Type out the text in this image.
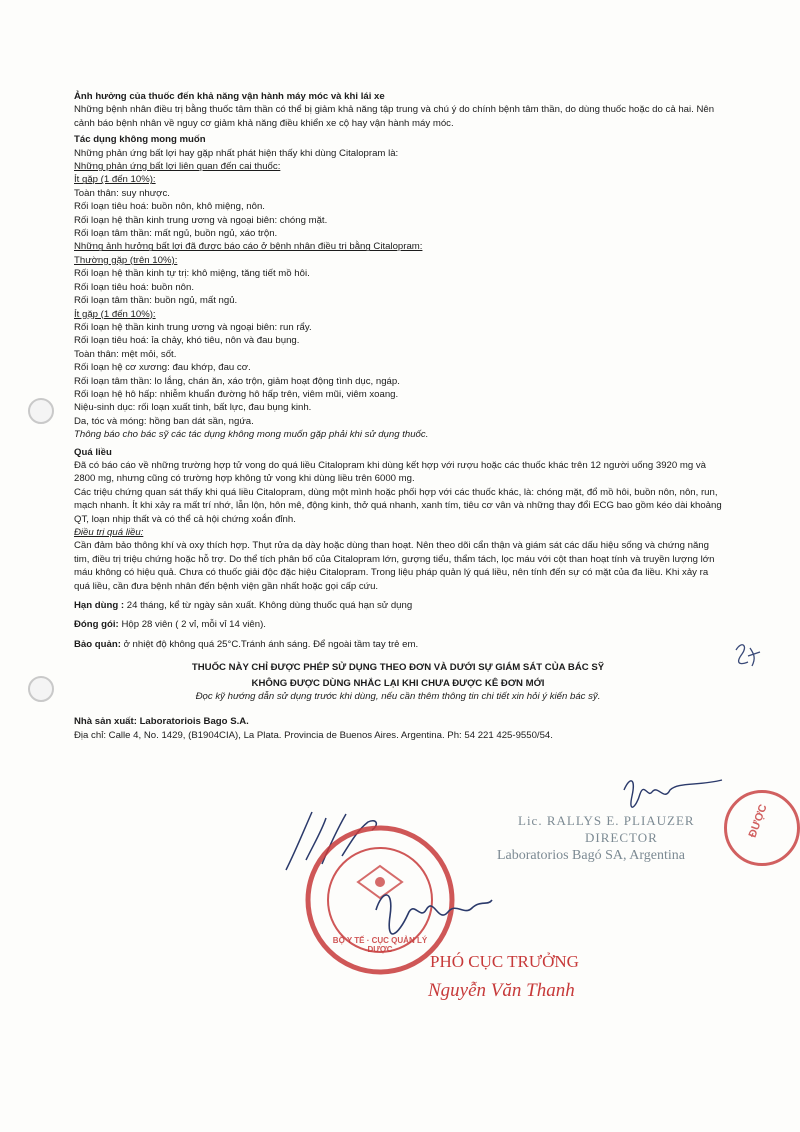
Ảnh hưởng của thuốc đến khả năng vận hành máy móc và khi lái xe

Những bệnh nhân điều trị bằng thuốc tâm thần có thể bị giảm khả năng tập trung và chú ý do chính bệnh tâm thần, do dùng thuốc hoặc do cả hai. Nên cảnh báo bệnh nhân về nguy cơ giảm khả năng điều khiển xe cộ hay vận hành máy móc.

Tác dụng không mong muốn

Những phản ứng bất lợi hay gặp nhất phát hiện thấy khi dùng Citalopram là:

Những phản ứng bất lợi liên quan đến cai thuốc:

Ít gặp (1 đến 10%):

Toàn thân: suy nhược.

Rối loạn tiêu hoá: buồn nôn, khô miệng, nôn.

Rối loạn hệ thần kinh trung ương và ngoại biên: chóng mặt.

Rối loạn tâm thần: mất ngủ, buồn ngủ, xáo trộn.

Những ảnh hưởng bất lợi đã được báo cáo ở bệnh nhân điều trị bằng Citalopram:

Thường gặp (trên 10%):

Rối loạn hệ thần kinh tự trị: khô miệng, tăng tiết mồ hôi.

Rối loạn tiêu hoá: buồn nôn.

Rối loạn tâm thần: buồn ngủ, mất ngủ.

Ít gặp (1 đến 10%):

Rối loạn hệ thần kinh trung ương và ngoại biên: run rẩy.

Rối loạn tiêu hoá: ỉa chảy, khó tiêu, nôn và đau bụng.

Toàn thân: mệt mỏi, sốt.

Rối loạn hệ cơ xương: đau khớp, đau cơ.

Rối loạn tâm thần: lo lắng, chán ăn, xáo trộn, giảm hoạt động tình dục, ngáp.

Rối loạn hệ hô hấp: nhiễm khuẩn đường hô hấp trên, viêm mũi, viêm xoang.

Niệu-sinh dục: rối loạn xuất tinh, bất lực, đau bụng kinh.

Da, tóc và móng: hồng ban dát sần, ngứa.

Thông báo cho bác sỹ các tác dụng không mong muốn gặp phải khi sử dụng thuốc.

Quá liều

Đã có báo cáo về những trường hợp tử vong do quá liều Citalopram khi dùng kết hợp với rượu hoặc các thuốc khác trên 12 người uống 3920 mg và 2800 mg, nhưng cũng có trường hợp không tử vong khi dùng liều trên 6000 mg.

Các triệu chứng quan sát thấy khi quá liều Citalopram, dùng một mình hoặc phối hợp với các thuốc khác, là: chóng mặt, đổ mồ hôi, buồn nôn, nôn, run, mạch nhanh. Ít khi xảy ra mất trí nhớ, lẫn lộn, hôn mê, động kinh, thở quá nhanh, xanh tím, tiêu cơ vân và những thay đổi ECG bao gồm kéo dài khoảng QT, loạn nhịp thất và có thể cả hội chứng xoắn đỉnh.

Điều trị quá liều:

Cần đảm bảo thông khí và oxy thích hợp. Thụt rửa dạ dày hoặc dùng than hoạt. Nên theo dõi cẩn thận và giám sát các dấu hiệu sống và chứng năng tim, điều trị triệu chứng hoặc hỗ trợ. Do thể tích phân bố của Citalopram lớn, gượng tiểu, thẩm tách, lọc máu với cột than hoạt tính và truyền lượng lớn máu không có hiệu quả. Chưa có thuốc giải độc đặc hiệu Citalopram. Trong liệu pháp quản lý quá liều, nên tính đến sự có mặt của đa liều. Khi xảy ra quá liều, cần đưa bệnh nhân đến bệnh viện gần nhất hoặc gọi cấp cứu.

Hạn dùng : 24 tháng, kể từ ngày sản xuất. Không dùng thuốc quá hạn sử dụng

Đóng gói: Hộp 28 viên ( 2 vỉ, mỗi vỉ 14 viên).

Bảo quản: ở nhiệt độ không quá 25°C.Tránh ánh sáng. Để ngoài tầm tay trẻ em.

THUỐC NÀY CHỈ ĐƯỢC PHÉP SỬ DỤNG THEO ĐƠN VÀ DƯỚI SỰ GIÁM SÁT CỦA BÁC SỸ

KHÔNG ĐƯỢC DÙNG NHẮC LẠI KHI CHƯA ĐƯỢC KÊ ĐƠN MỚI

Đọc kỹ hướng dẫn sử dụng trước khi dùng, nếu cần thêm thông tin chi tiết xin hỏi ý kiến bác sỹ.

Nhà sản xuất: Laboratoriois Bago S.A.

Địa chỉ: Calle 4, No. 1429, (B1904CIA), La Plata. Provincia de Buenos Aires. Argentina. Ph: 54 221 425-9550/54.

Lic. RALLYS E. PLIAUZER
DIRECTOR
Laboratorios Bagó SA, Argentina
ĐƯỢC
BỘ Y TẾ · CỤC QUẢN LÝ DƯỢC
PHÓ CỤC TRƯỞNG
Nguyễn Văn Thanh
